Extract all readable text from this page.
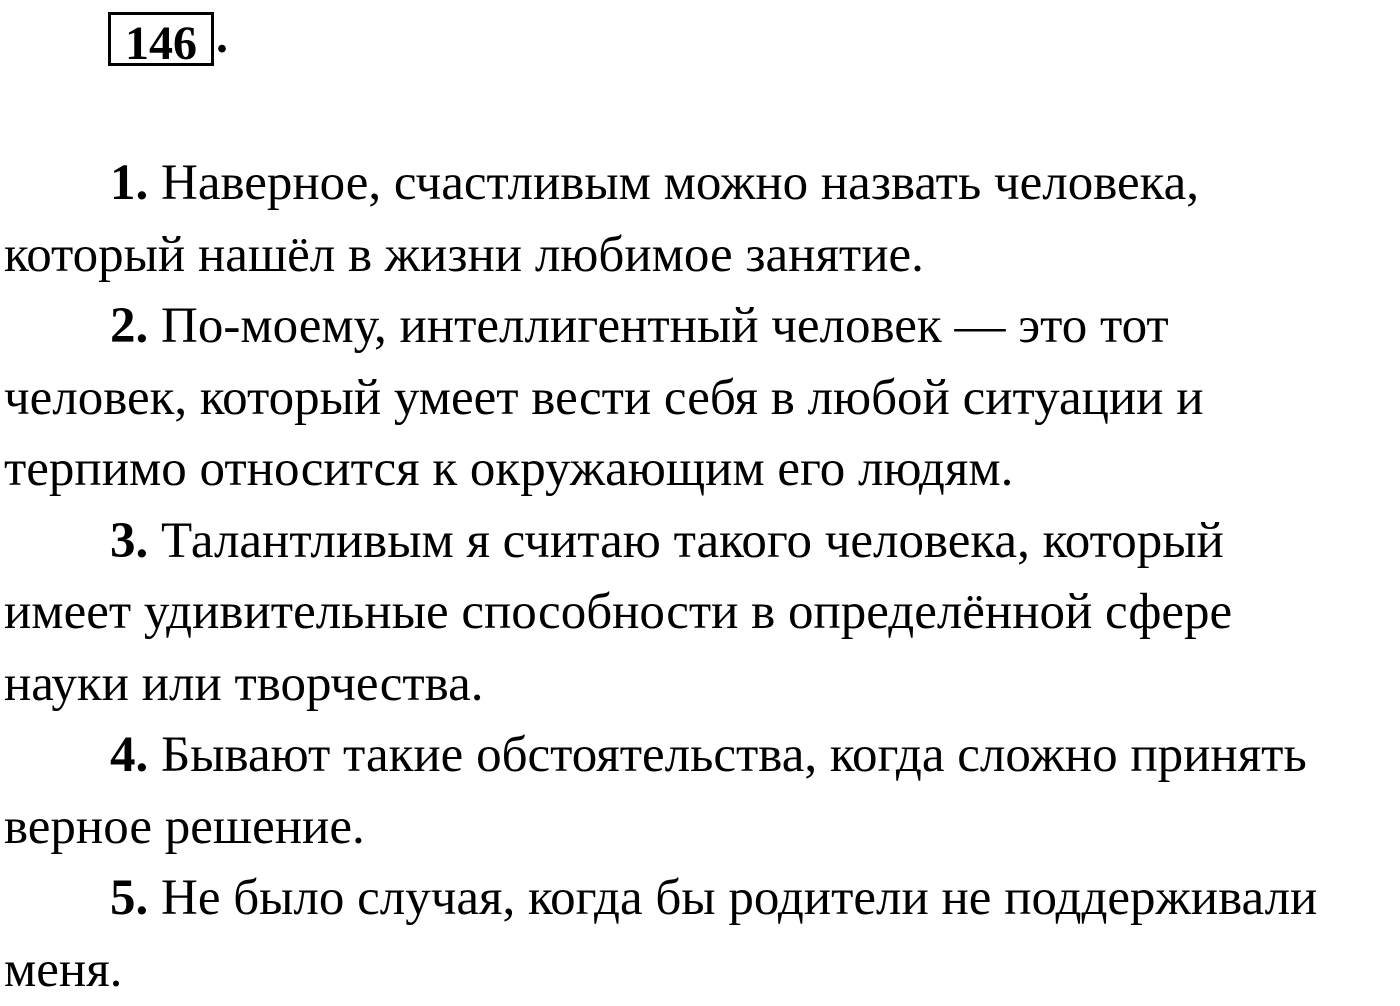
146 .
1. Наверное, счастливым можно назвать человека,
который нашёл в жизни любимое занятие.
2. По-моему, интеллигентный человек — это тот
человек, который умеет вести себя в любой ситуации и
терпимо относится к окружающим его людям.
3. Талантливым я считаю такого человека, который
имеет удивительные способности в определённой сфере
науки или творчества.
4. Бывают такие обстоятельства, когда сложно принять
верное решение.
5. Не было случая, когда бы родители не поддерживали
меня.
